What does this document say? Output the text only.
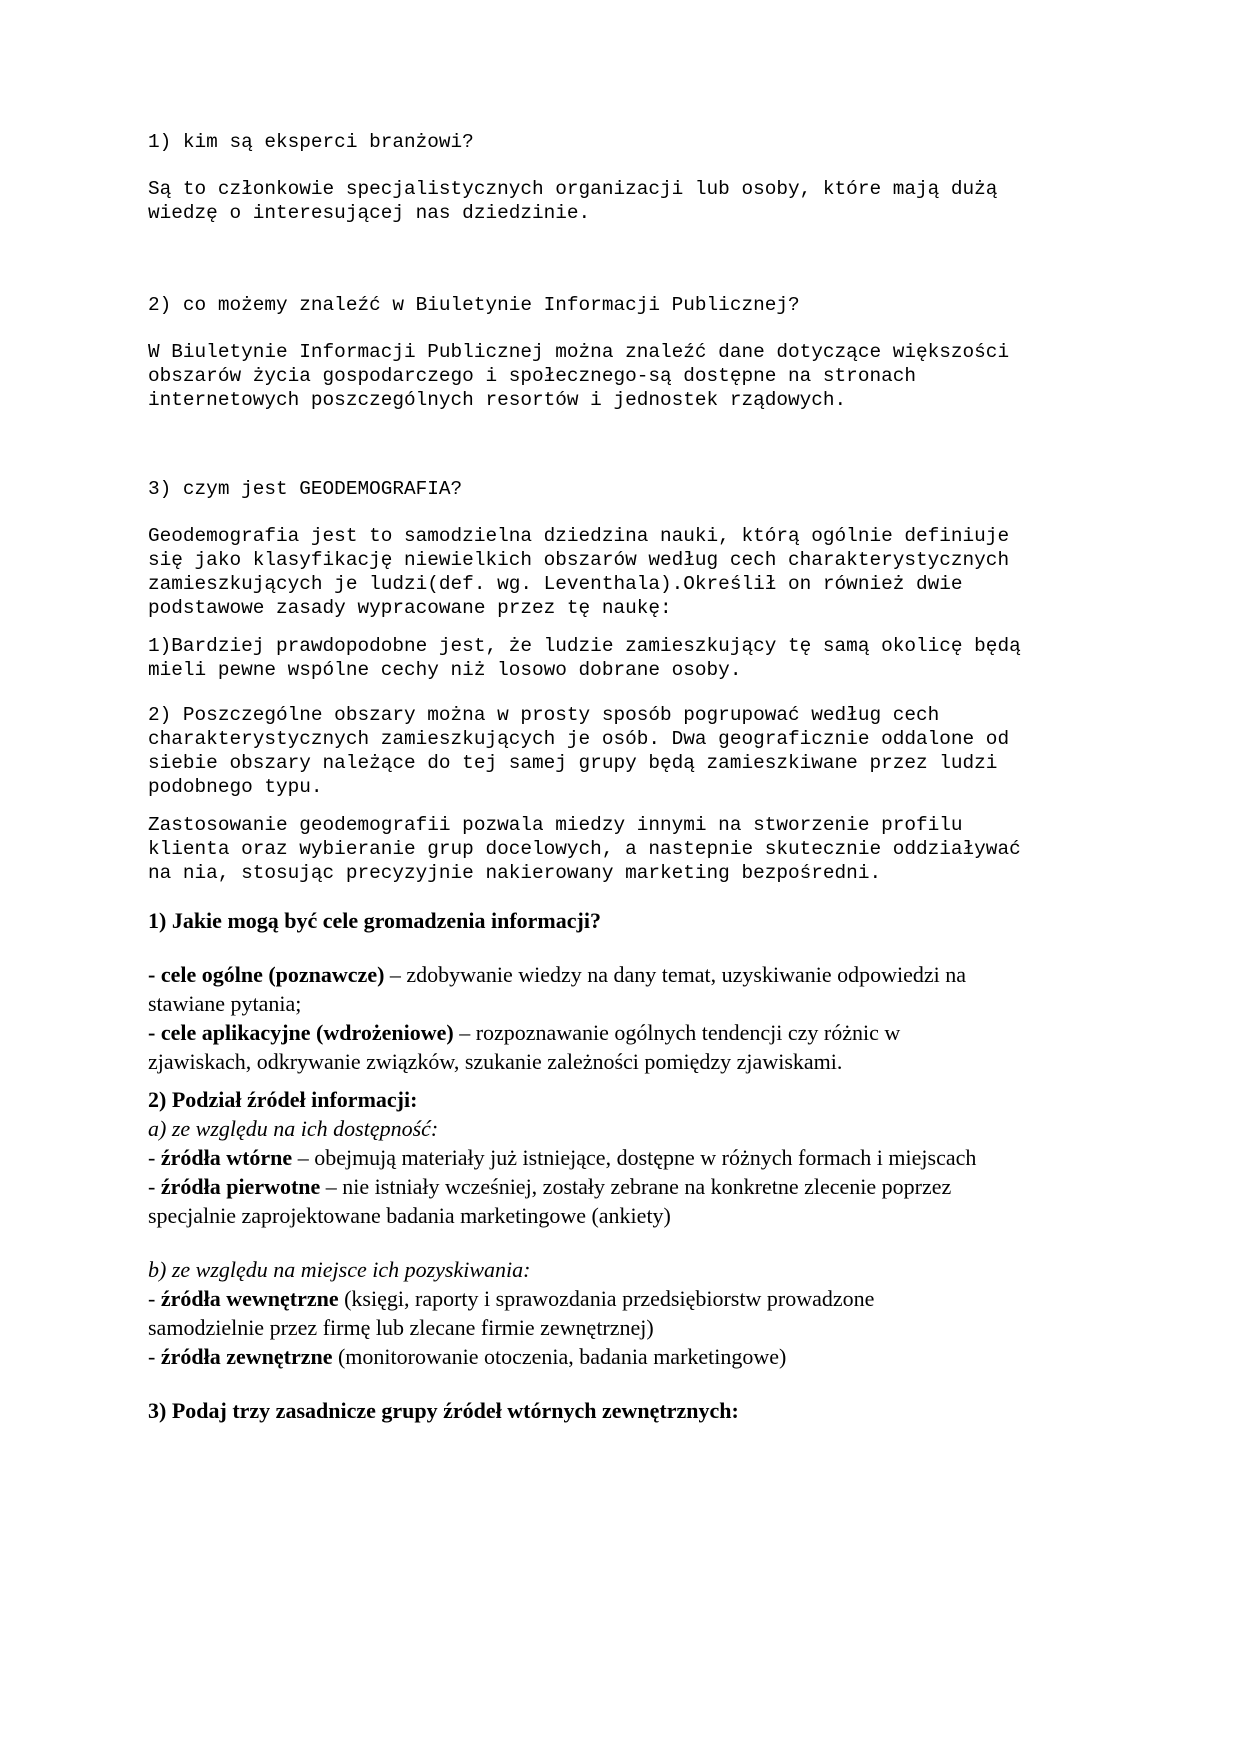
1) kim są eksperci branżowi?

Są to członkowie specjalistycznych organizacji lub osoby, które mają dużą
wiedzę o interesującej nas dziedzinie.

2) co możemy znaleźć w Biuletynie Informacji Publicznej?

W Biuletynie Informacji Publicznej można znaleźć dane dotyczące większości
obszarów życia gospodarczego i społecznego-są dostępne na stronach
internetowych poszczególnych resortów i jednostek rządowych.

3) czym jest GEODEMOGRAFIA?

Geodemografia jest to samodzielna dziedzina nauki, którą ogólnie definiuje
się jako klasyfikację niewielkich obszarów według cech charakterystycznych
zamieszkujących je ludzi(def. wg. Leventhala).Określił on również dwie
podstawowe zasady wypracowane przez tę naukę:

1)Bardziej prawdopodobne jest, że ludzie zamieszkujący tę samą okolicę będą
mieli pewne wspólne cechy niż losowo dobrane osoby.

2) Poszczególne obszary można w prosty sposób pogrupować według cech
charakterystycznych zamieszkujących je osób. Dwa geograficznie oddalone od
siebie obszary należące do tej samej grupy będą zamieszkiwane przez ludzi
podobnego typu.

Zastosowanie geodemografii pozwala miedzy innymi na stworzenie profilu
klienta oraz wybieranie grup docelowych, a nastepnie skutecznie oddziaływać
na nia, stosując precyzyjnie nakierowany marketing bezpośredni.

1) Jakie mogą być cele gromadzenia informacji?
- cele ogólne (poznawcze) – zdobywanie wiedzy na dany temat, uzyskiwanie odpowiedzi na
stawiane pytania;
- cele aplikacyjne (wdrożeniowe) – rozpoznawanie ogólnych tendencji czy różnic w
zjawiskach, odkrywanie związków, szukanie zależności pomiędzy zjawiskami.
2) Podział źródeł informacji:
a) ze względu na ich dostępność:
- źródła wtórne – obejmują materiały już istniejące, dostępne w różnych formach i miejscach
- źródła pierwotne – nie istniały wcześniej, zostały zebrane na konkretne zlecenie poprzez
specjalnie zaprojektowane badania marketingowe (ankiety)
b) ze względu na miejsce ich pozyskiwania:
- źródła wewnętrzne (księgi, raporty i sprawozdania przedsiębiorstw prowadzone
samodzielnie przez firmę lub zlecane firmie zewnętrznej)
- źródła zewnętrzne (monitorowanie otoczenia, badania marketingowe)
3) Podaj trzy zasadnicze grupy źródeł wtórnych zewnętrznych:
